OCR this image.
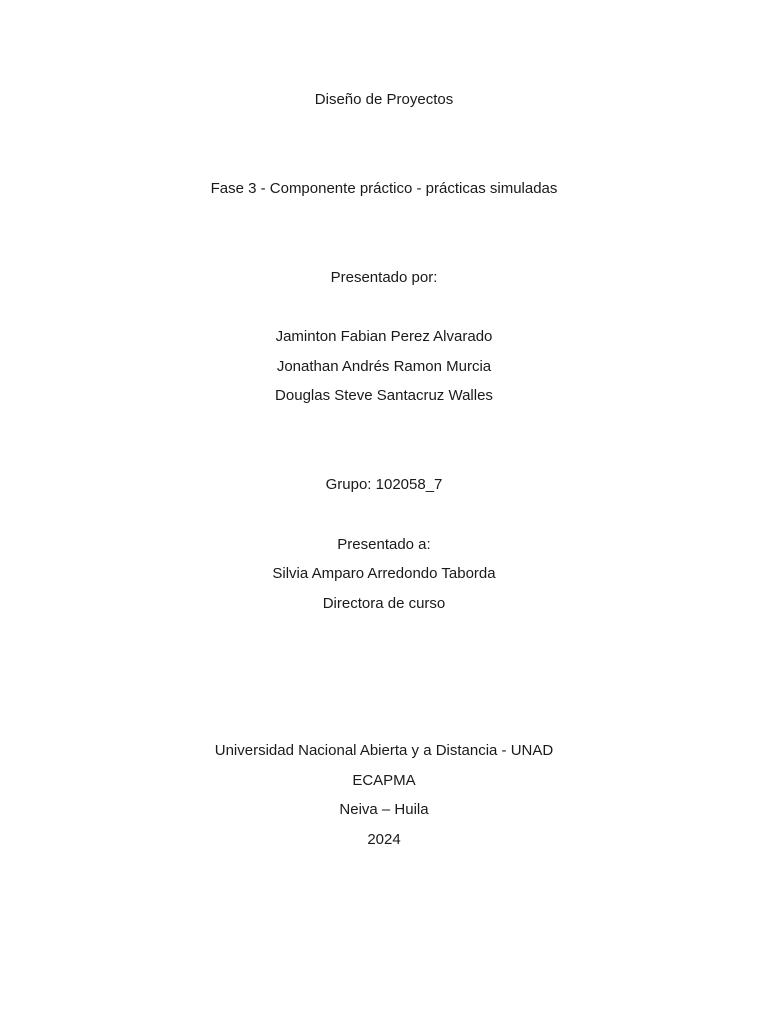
Diseño de Proyectos
Fase 3 - Componente práctico - prácticas simuladas
Presentado por:
Jaminton Fabian Perez Alvarado
Jonathan Andrés Ramon Murcia
Douglas Steve Santacruz Walles
Grupo: 102058_7
Presentado a:
Silvia Amparo Arredondo Taborda
Directora de curso
Universidad Nacional Abierta y a Distancia - UNAD
ECAPMA
Neiva – Huila
2024
